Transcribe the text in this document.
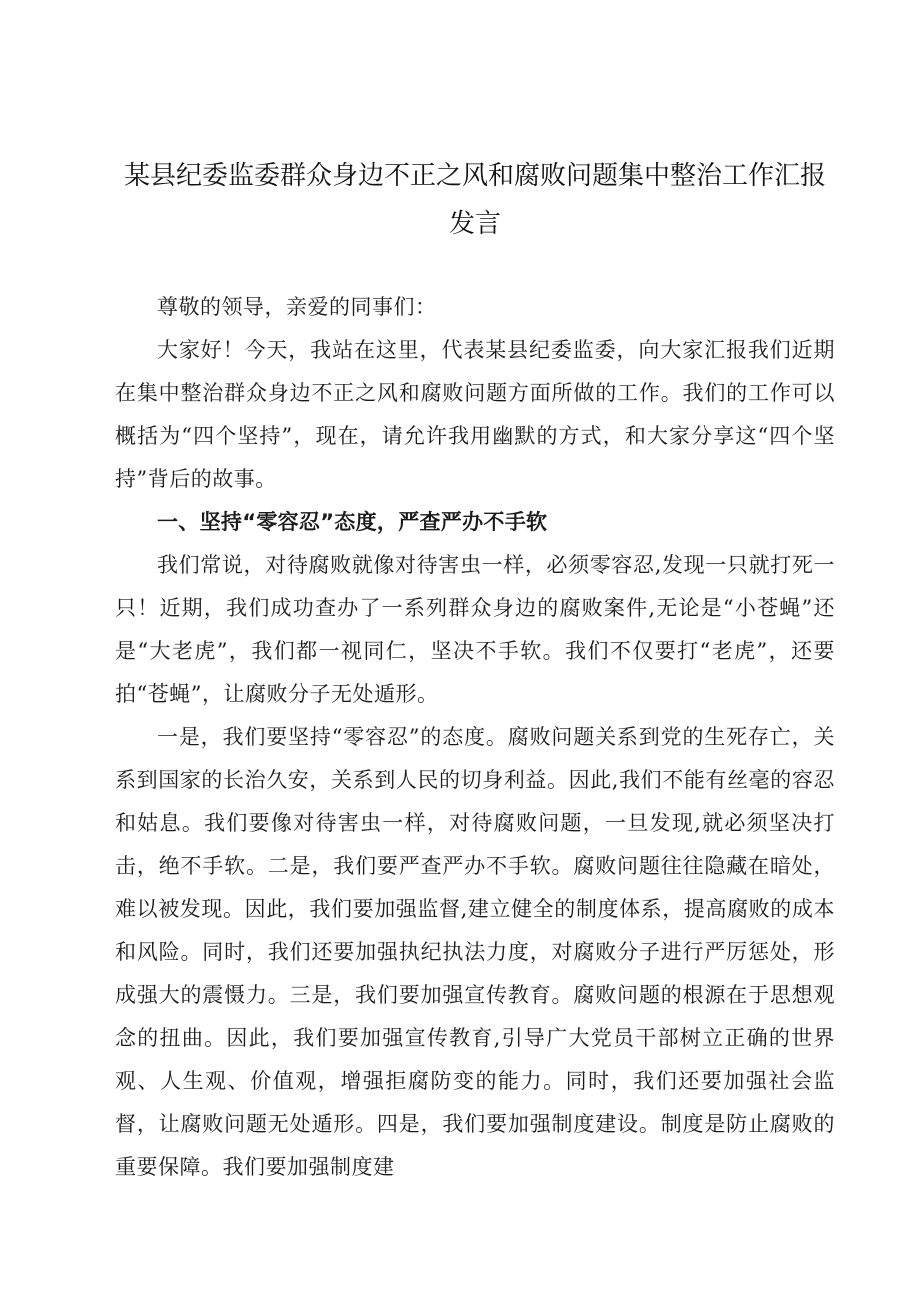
某县纪委监委群众身边不正之风和腐败问题集中整治工作汇报发言

尊敬的领导，亲爱的同事们：

大家好！今天，我站在这里，代表某县纪委监委，向大家汇报我们近期在集中整治群众身边不正之风和腐败问题方面所做的工作。我们的工作可以概括为“四个坚持”，现在，请允许我用幽默的方式，和大家分享这“四个坚持”背后的故事。

一、坚持“零容忍”态度，严查严办不手软

我们常说，对待腐败就像对待害虫一样，必须零容忍,发现一只就打死一只！近期，我们成功查办了一系列群众身边的腐败案件,无论是“小苍蝇”还是“大老虎”，我们都一视同仁，坚决不手软。我们不仅要打“老虎”，还要拍“苍蝇”，让腐败分子无处遁形。

一是，我们要坚持“零容忍”的态度。腐败问题关系到党的生死存亡，关系到国家的长治久安，关系到人民的切身利益。因此,我们不能有丝毫的容忍和姑息。我们要像对待害虫一样，对待腐败问题，一旦发现,就必须坚决打击，绝不手软。二是，我们要严查严办不手软。腐败问题往往隐藏在暗处，难以被发现。因此，我们要加强监督,建立健全的制度体系，提高腐败的成本和风险。同时，我们还要加强执纪执法力度，对腐败分子进行严厉惩处，形成强大的震慑力。三是，我们要加强宣传教育。腐败问题的根源在于思想观念的扭曲。因此，我们要加强宣传教育,引导广大党员干部树立正确的世界观、人生观、价值观，增强拒腐防变的能力。同时，我们还要加强社会监督，让腐败问题无处遁形。四是，我们要加强制度建设。制度是防止腐败的重要保障。我们要加强制度建
